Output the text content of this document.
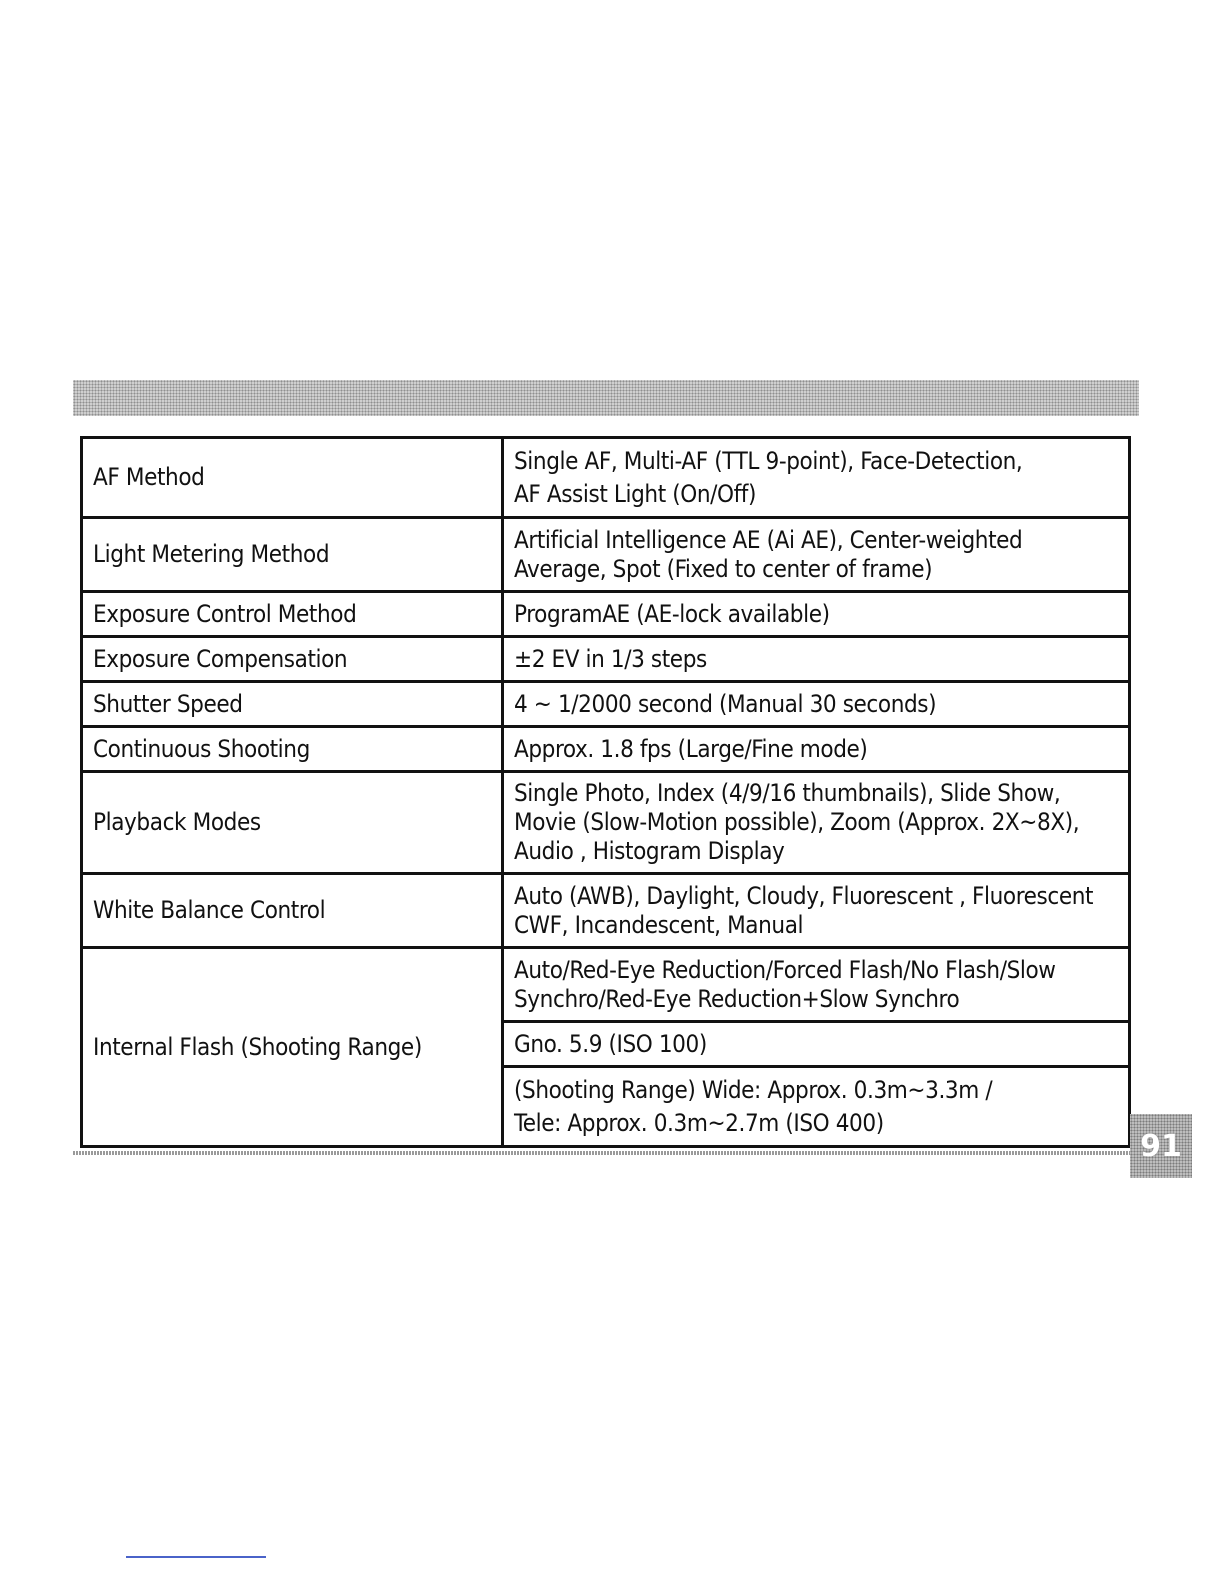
AF Method	Single AF, Multi-AF (TTL 9-point), Face-Detection,
AF Assist Light (On/Off)

Light Metering Method	Artificial Intelligence AE (Ai AE), Center-weighted
Average, Spot (Fixed to center of frame)

Exposure Control Method	ProgramAE (AE-lock available)

Exposure Compensation	±2 EV in 1/3 steps

Shutter Speed	4 ~ 1/2000 second (Manual 30 seconds)

Continuous Shooting	Approx. 1.8 fps (Large/Fine mode)

Playback Modes	Single Photo, Index (4/9/16 thumbnails), Slide Show,
Movie (Slow-Motion possible), Zoom (Approx. 2X~8X),
Audio , Histogram Display

White Balance Control	Auto (AWB), Daylight, Cloudy, Fluorescent , Fluorescent
CWF, Incandescent, Manual

Internal Flash (Shooting Range)	Auto/Red-Eye Reduction/Forced Flash/No Flash/Slow
Synchro/Red-Eye Reduction+Slow Synchro

	Gno. 5.9 (ISO 100)

	(Shooting Range) Wide: Approx. 0.3m~3.3m /
Tele: Approx. 0.3m~2.7m (ISO 400)
91
